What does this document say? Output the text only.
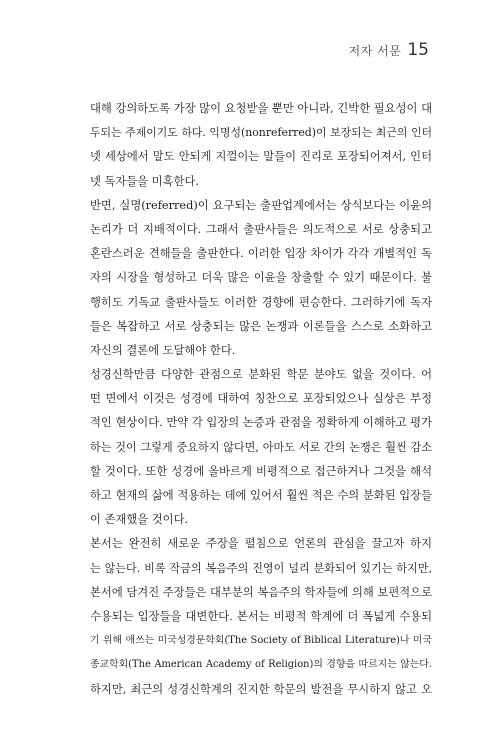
저자 서문 15
대해 강의하도록 가장 많이 요청받을 뿐만 아니라, 긴박한 필요성이 대
두되는 주제이기도 하다. 익명성(nonreferred)이 보장되는 최근의 인터
넷 세상에서 말도 안되게 지껄이는 말들이 진리로 포장되어져서, 인터
넷 독자들을 미혹한다.
반면, 실명(referred)이 요구되는 출판업계에서는 상식보다는 이윤의
논리가 더 지배적이다. 그래서 출판사들은 의도적으로 서로 상충되고
혼란스러운 견해들을 출판한다. 이러한 입장 차이가 각각 개별적인 독
자의 시장을 형성하고 더욱 많은 이윤을 창출할 수 있기 때문이다. 불
행히도 기독교 출판사들도 이러한 경향에 편승한다. 그러하기에 독자
들은 복잡하고 서로 상충되는 많은 논쟁과 이론들을 스스로 소화하고
자신의 결론에 도달해야 한다.
성경신학만큼 다양한 관점으로 분화된 학문 분야도 없을 것이다. 어
떤 면에서 이것은 성경에 대하여 칭찬으로 포장되었으나 실상은 부정
적인 현상이다. 만약 각 입장의 논증과 관점을 정확하게 이해하고 평가
하는 것이 그렇게 중요하지 않다면, 아마도 서로 간의 논쟁은 훨씬 감소
할 것이다. 또한 성경에 올바르게 비평적으로 접근하거나 그것을 해석
하고 현재의 삶에 적용하는 데에 있어서 훨씬 적은 수의 분화된 입장들
이 존재했을 것이다.
본서는 완전히 새로운 주장을 펼침으로 언론의 관심을 끌고자 하지
는 않는다. 비록 작금의 복음주의 진영이 널리 분화되어 있기는 하지만,
본서에 담겨진 주장들은 대부분의 복음주의 학자들에 의해 보편적으로
수용되는 입장들을 대변한다. 본서는 비평적 학계에 더 폭넓게 수용되
기 위해 애쓰는 미국성경문학회(The Society of Biblical Literature)나 미국
종교학회(The American Academy of Religion)의 경향을 따르지는 않는다.
하지만, 최근의 성경신학계의 진지한 학문의 발전을 무시하지 않고 오
